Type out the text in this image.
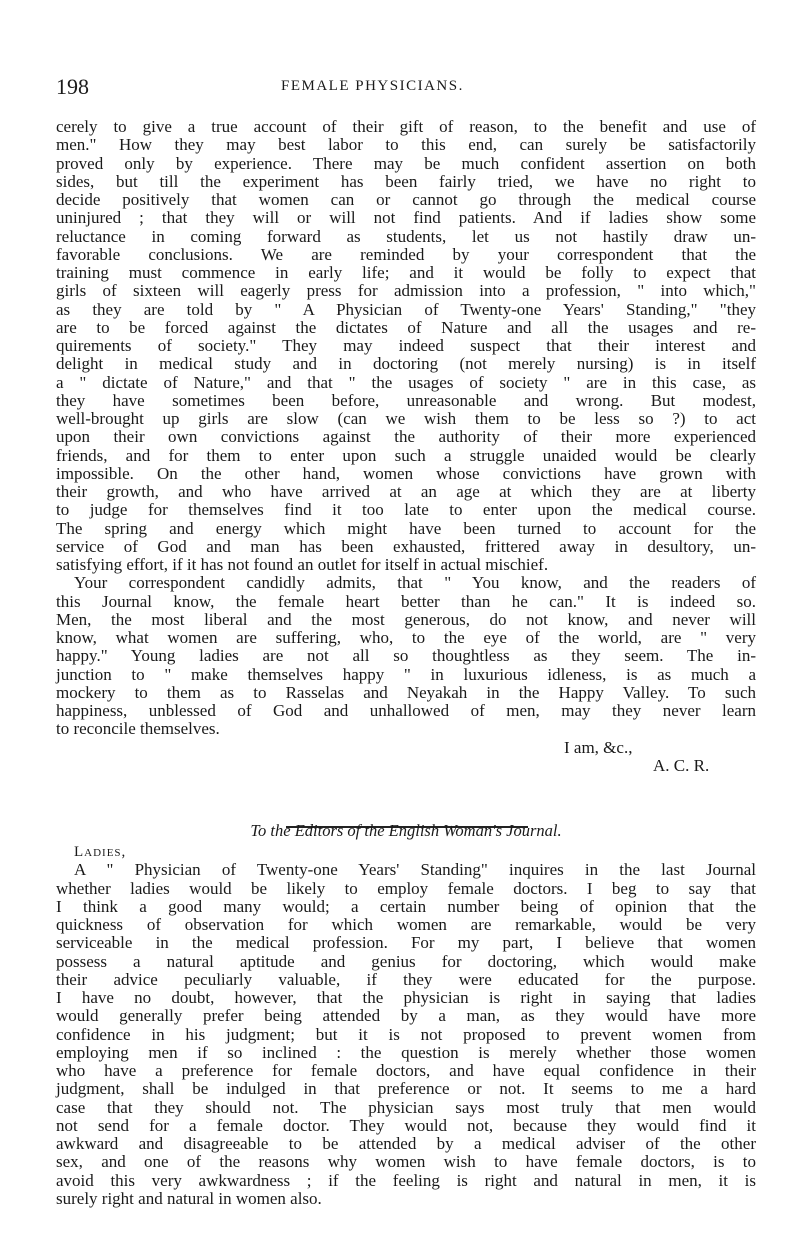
198	FEMALE PHYSICIANS.
cerely to give a true account of their gift of reason, to the benefit and use of
men." How they may best labor to this end, can surely be satisfactorily
proved only by experience. There may be much confident assertion on both
sides, but till the experiment has been fairly tried, we have no right to
decide positively that women can or cannot go through the medical course
uninjured ; that they will or will not find patients. And if ladies show some
reluctance in coming forward as students, let us not hastily draw un-
favorable conclusions. We are reminded by your correspondent that the
training must commence in early life; and it would be folly to expect that
girls of sixteen will eagerly press for admission into a profession, " into which,"
as they are told by " A Physician of Twenty-one Years' Standing," "they
are to be forced against the dictates of Nature and all the usages and re-
quirements of society." They may indeed suspect that their interest and
delight in medical study and in doctoring (not merely nursing) is in itself
a " dictate of Nature," and that " the usages of society " are in this case, as
they have sometimes been before, unreasonable and wrong. But modest,
well-brought up girls are slow (can we wish them to be less so ?) to act
upon their own convictions against the authority of their more experienced
friends, and for them to enter upon such a struggle unaided would be clearly
impossible. On the other hand, women whose convictions have grown with
their growth, and who have arrived at an age at which they are at liberty
to judge for themselves find it too late to enter upon the medical course.
The spring and energy which might have been turned to account for the
service of God and man has been exhausted, frittered away in desultory, un-
satisfying effort, if it has not found an outlet for itself in actual mischief.
Your correspondent candidly admits, that " You know, and the readers of
this Journal know, the female heart better than he can." It is indeed so.
Men, the most liberal and the most generous, do not know, and never will
know, what women are suffering, who, to the eye of the world, are " very
happy." Young ladies are not all so thoughtless as they seem. The in-
junction to " make themselves happy " in luxurious idleness, is as much a
mockery to them as to Rasselas and Neyakah in the Happy Valley. To such
happiness, unblessed of God and unhallowed of men, may they never learn
to reconcile themselves.
I am, &c.,
A. C. R.
To the Editors of the English Woman's Journal.
Ladies,
A " Physician of Twenty-one Years' Standing" inquires in the last Journal
whether ladies would be likely to employ female doctors. I beg to say that
I think a good many would; a certain number being of opinion that the
quickness of observation for which women are remarkable, would be very
serviceable in the medical profession. For my part, I believe that women
possess a natural aptitude and genius for doctoring, which would make
their advice peculiarly valuable, if they were educated for the purpose.
I have no doubt, however, that the physician is right in saying that ladies
would generally prefer being attended by a man, as they would have more
confidence in his judgment; but it is not proposed to prevent women from
employing men if so inclined : the question is merely whether those women
who have a preference for female doctors, and have equal confidence in their
judgment, shall be indulged in that preference or not. It seems to me a hard
case that they should not. The physician says most truly that men would
not send for a female doctor. They would not, because they would find it
awkward and disagreeable to be attended by a medical adviser of the other
sex, and one of the reasons why women wish to have female doctors, is to
avoid this very awkwardness ; if the feeling is right and natural in men, it is
surely right and natural in women also.
